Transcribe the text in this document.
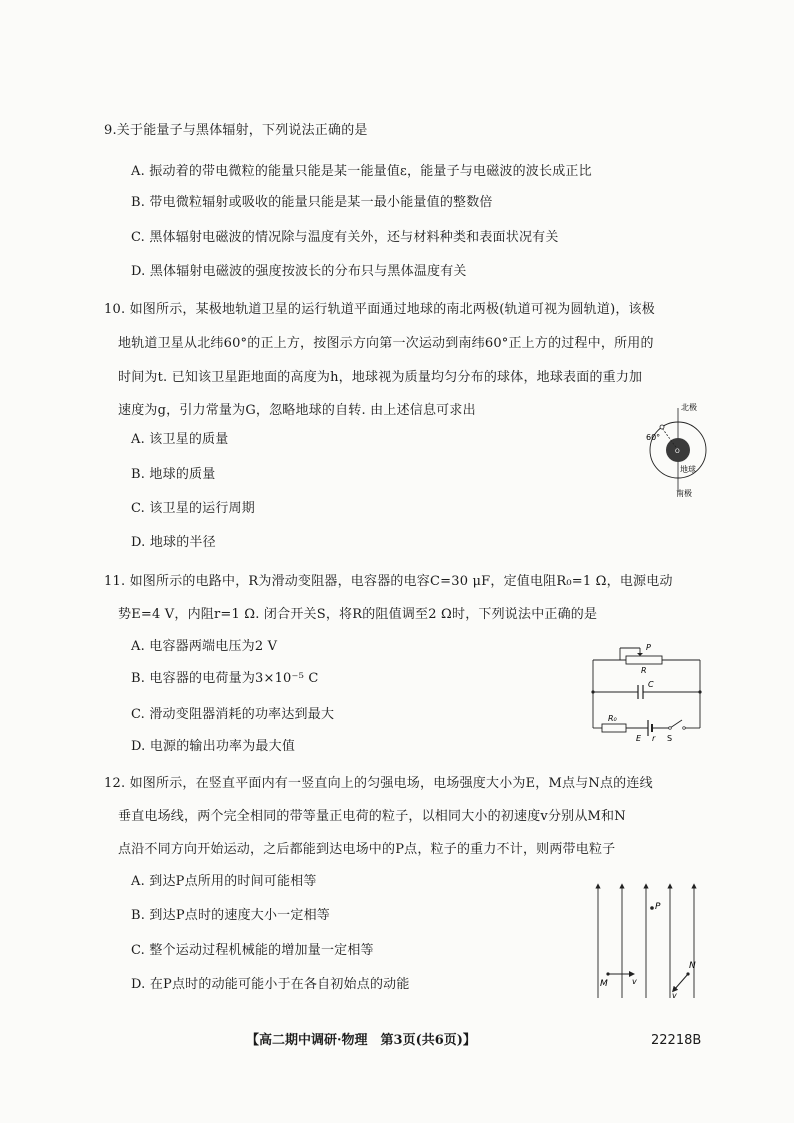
9.关于能量子与黑体辐射，下列说法正确的是
A. 振动着的带电微粒的能量只能是某一能量值ε，能量子与电磁波的波长成正比
B. 带电微粒辐射或吸收的能量只能是某一最小能量值的整数倍
C. 黑体辐射电磁波的情况除与温度有关外，还与材料种类和表面状况有关
D. 黑体辐射电磁波的强度按波长的分布只与黑体温度有关
10. 如图所示，某极地轨道卫星的运行轨道平面通过地球的南北两极(轨道可视为圆轨道)，该极
地轨道卫星从北纬60°的正上方，按图示方向第一次运动到南纬60°正上方的过程中，所用的
时间为t. 已知该卫星距地面的高度为h，地球视为质量均匀分布的球体，地球表面的重力加
速度为g，引力常量为G，忽略地球的自转. 由上述信息可求出
A. 该卫星的质量
B. 地球的质量
C. 该卫星的运行周期
D. 地球的半径
北极
南极
地球
60°
O
11. 如图所示的电路中，R为滑动变阻器，电容器的电容C=30 μF，定值电阻R₀=1 Ω，电源电动
势E=4 V，内阻r=1 Ω. 闭合开关S，将R的阻值调至2 Ω时，下列说法中正确的是
A. 电容器两端电压为2 V
B. 电容器的电荷量为3×10⁻⁵ C
C. 滑动变阻器消耗的功率达到最大
D. 电源的输出功率为最大值
P
R
C
R₀
E r S
12. 如图所示，在竖直平面内有一竖直向上的匀强电场，电场强度大小为E，M点与N点的连线
垂直电场线，两个完全相同的带等量正电荷的粒子，以相同大小的初速度v分别从M和N
点沿不同方向开始运动，之后都能到达电场中的P点，粒子的重力不计，则两带电粒子
A. 到达P点所用的时间可能相等
B. 到达P点时的速度大小一定相等
C. 整个运动过程机械能的增加量一定相等
D. 在P点时的动能可能小于在各自初始点的动能
P
M
N
v
v
【高二期中调研·物理　第3页(共6页)】	22218B
